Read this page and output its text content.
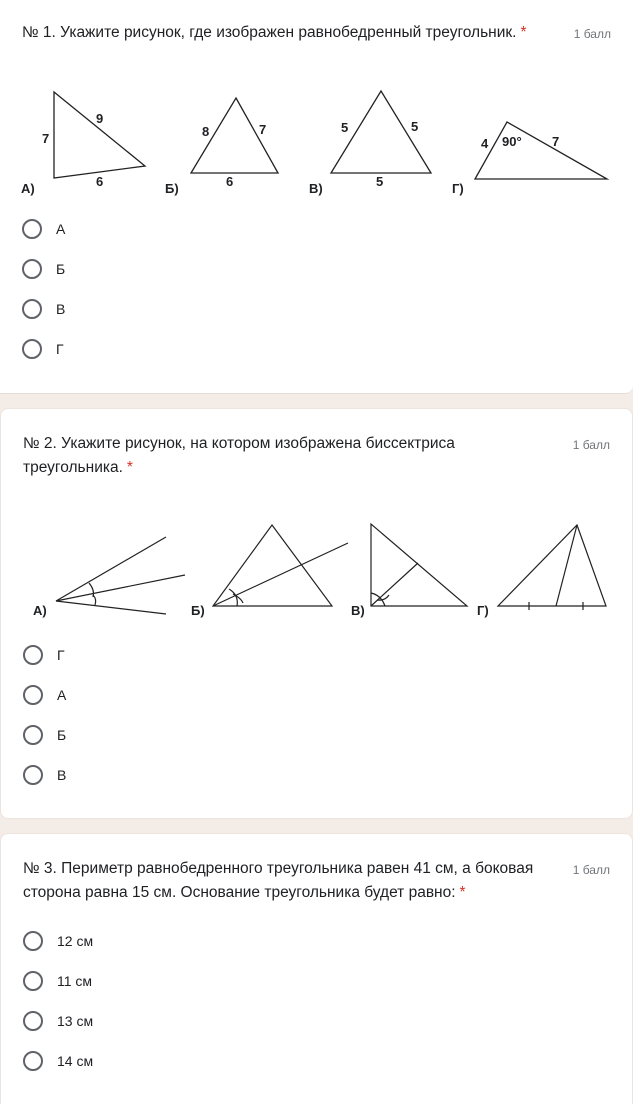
№ 1. Укажите рисунок, где изображен равнобедренный треугольник. *	1 балл
А)	Б)	В)	Г)
7
9
6
8	7
6
5	5
5
4 90° 7
А
Б
В
Г
№ 2. Укажите рисунок, на котором изображена биссектриса треугольника. *
1 балл
А)	Б)	В)	Г)
Г
А
Б
В
№ 3. Периметр равнобедренного треугольника равен 41 см, а боковая сторона равна 15 см. Основание треугольника будет равно: *
1 балл
12 см
11 см
13 см
14 см
